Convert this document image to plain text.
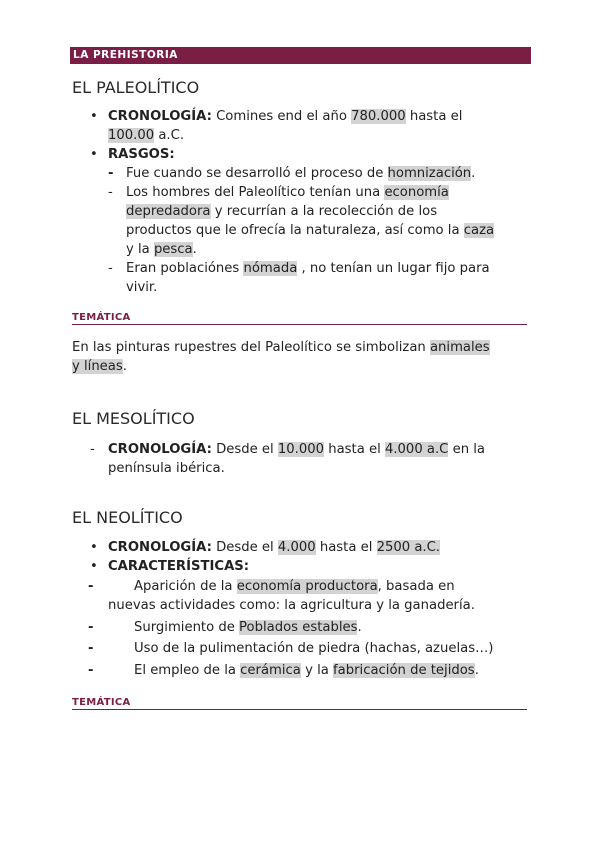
LA PREHISTORIA
EL PALEOLÍTICO
• CRONOLOGÍA: Comines end el año 780.000 hasta el
100.00 a.C.
• RASGOS:
- Fue cuando se desarrolló el proceso de homnización.
- Los hombres del Paleolítico tenían una economía
depredadora y recurrían a la recolección de los
productos que le ofrecía la naturaleza, así como la caza
y la pesca.
- Eran poblaciónes nómada , no tenían un lugar fijo para
vivir.
TEMÁTICA
En las pinturas rupestres del Paleolítico se simbolizan animales
y líneas.
EL MESOLÍTICO
- CRONOLOGÍA: Desde el 10.000 hasta el 4.000 a.C en la
península ibérica.
EL NEOLÍTICO
• CRONOLOGÍA: Desde el 4.000 hasta el 2500 a.C.
• CARACTERÍSTICAS:
-	Aparición de la economía productora, basada en
nuevas actividades como: la agricultura y la ganadería.
-	Surgimiento de Poblados estables.
-	Uso de la pulimentación de piedra (hachas, azuelas…)
-	El empleo de la cerámica y la fabricación de tejidos.
TEMÁTICA
